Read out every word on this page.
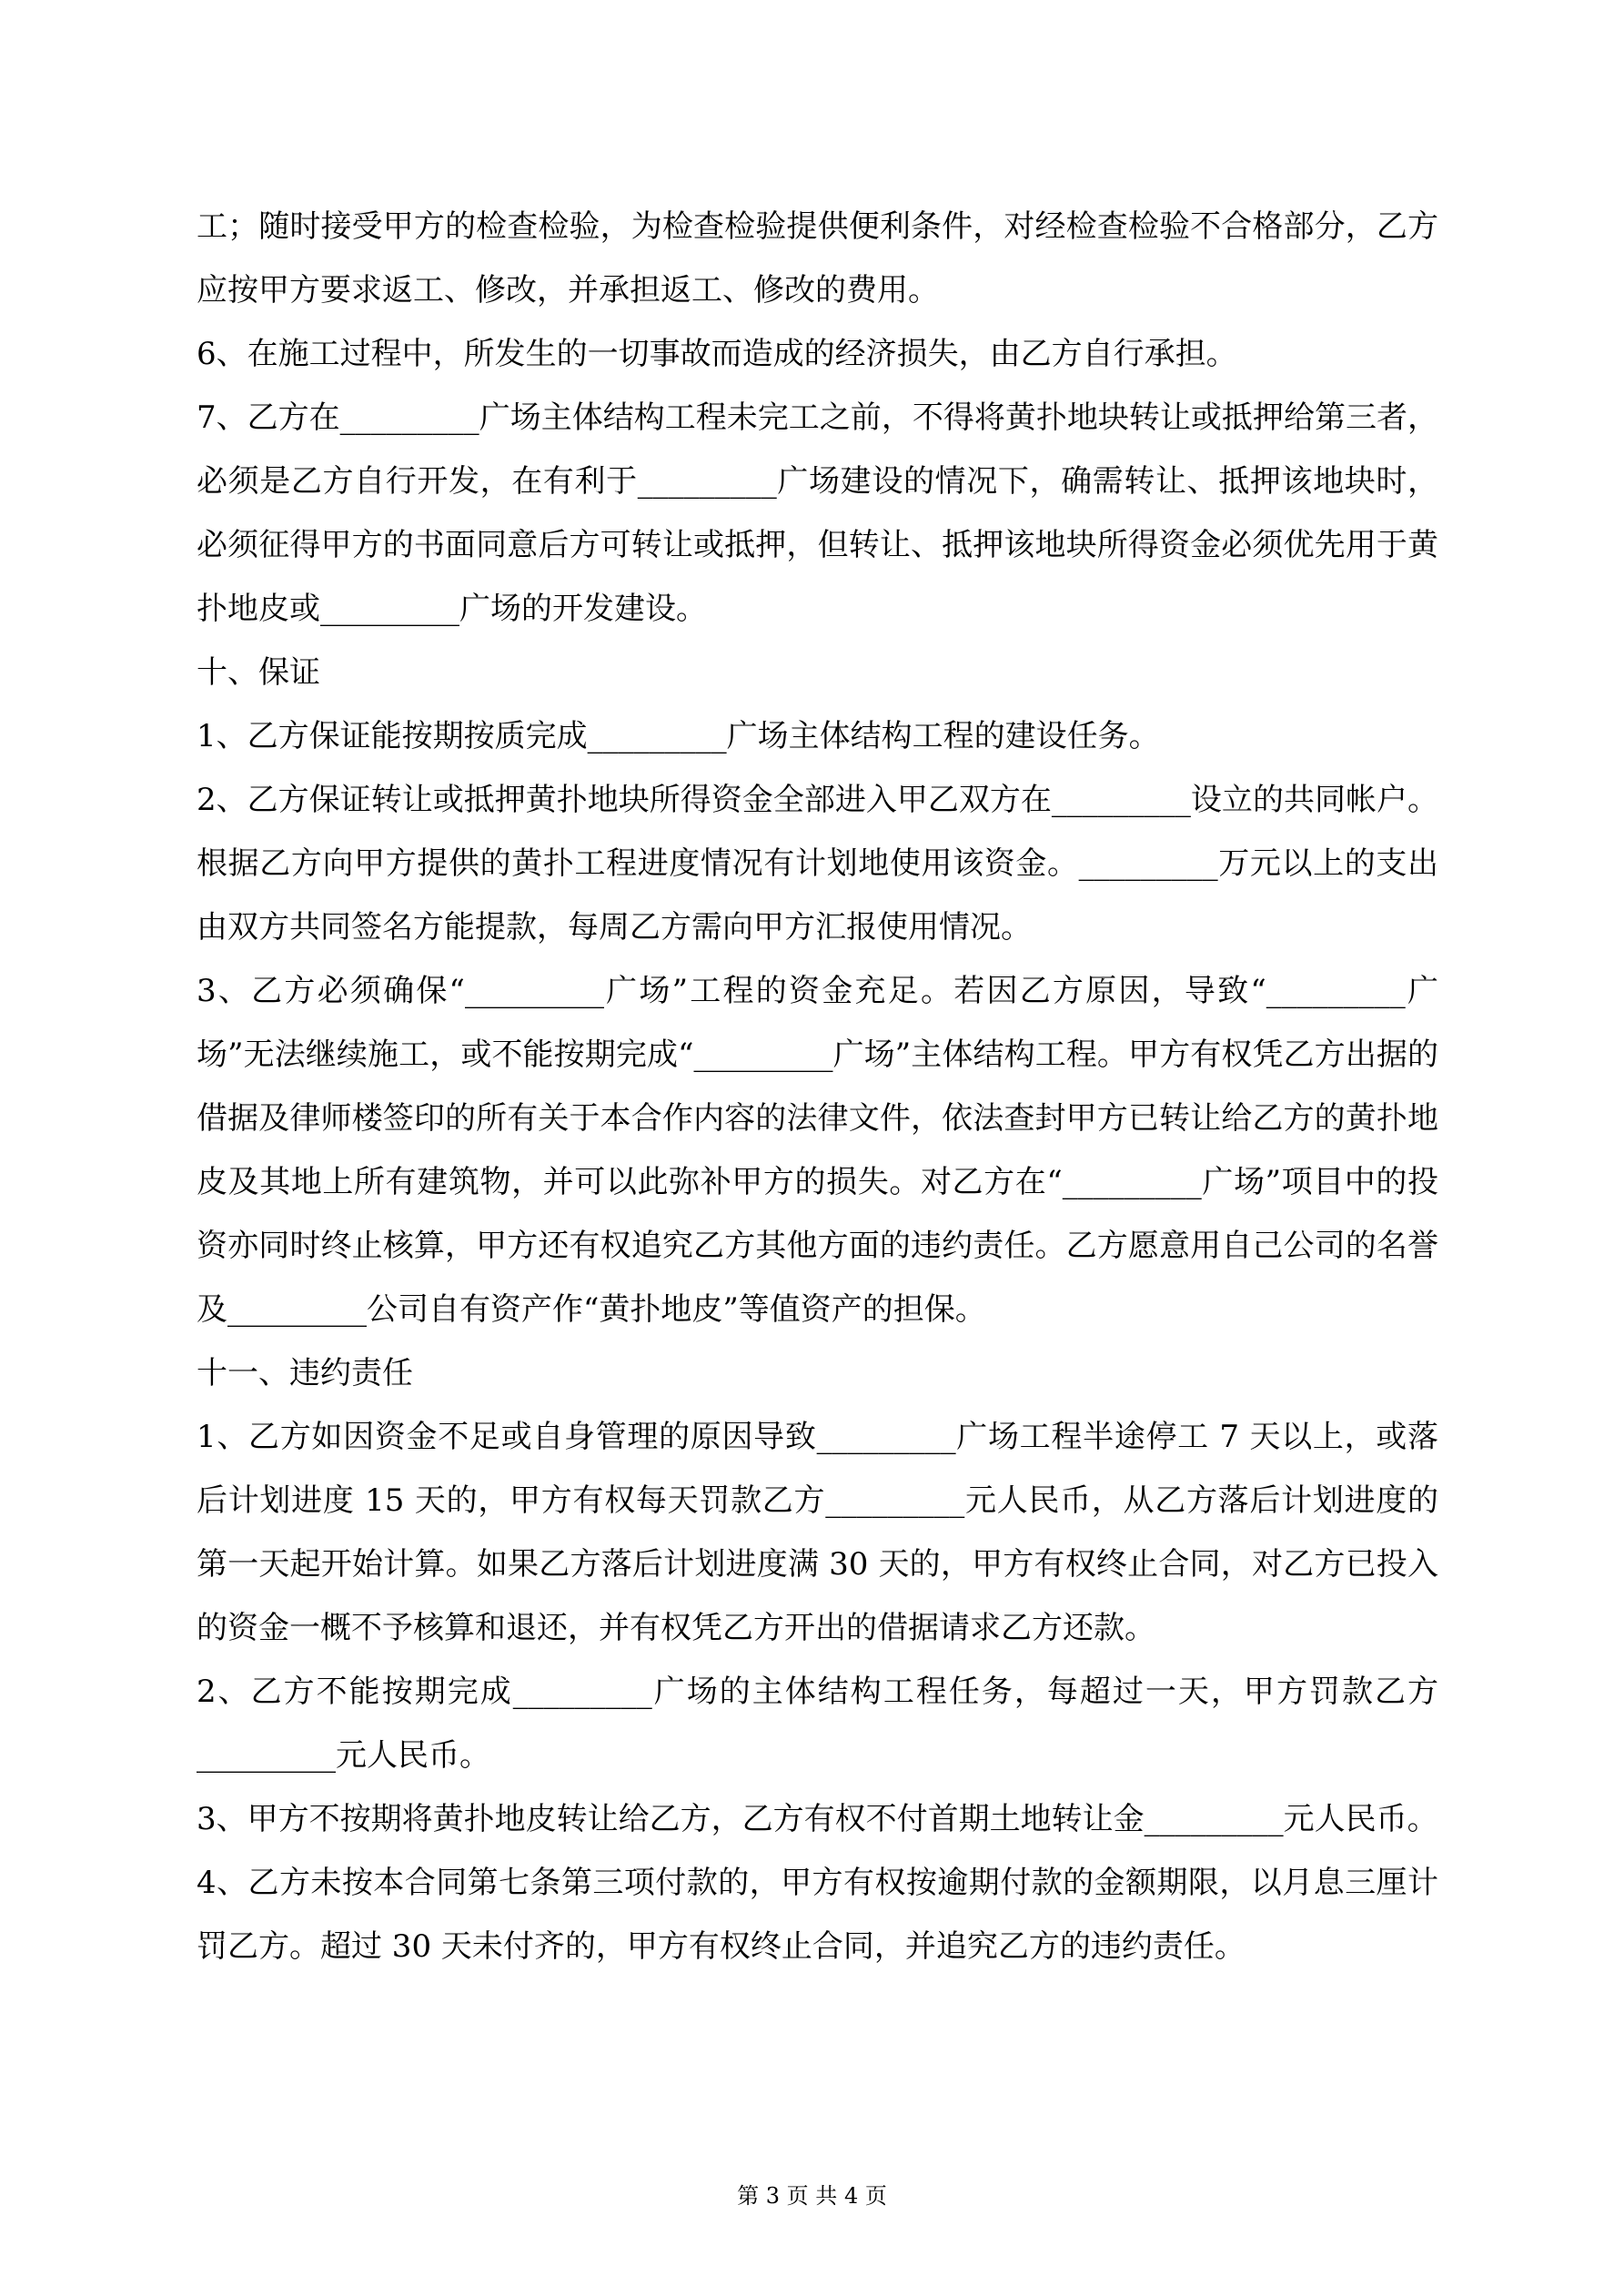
工；随时接受甲方的检查检验，为检查检验提供便利条件，对经检查检验不合格部分，乙方应按甲方要求返工、修改，并承担返工、修改的费用。

6、在施工过程中，所发生的一切事故而造成的经济损失，由乙方自行承担。

7、乙方在_________广场主体结构工程未完工之前，不得将黄扑地块转让或抵押给第三者，必须是乙方自行开发，在有利于_________广场建设的情况下，确需转让、抵押该地块时，必须征得甲方的书面同意后方可转让或抵押，但转让、抵押该地块所得资金必须优先用于黄扑地皮或_________广场的开发建设。

十、保证

1、乙方保证能按期按质完成_________广场主体结构工程的建设任务。

2、乙方保证转让或抵押黄扑地块所得资金全部进入甲乙双方在_________设立的共同帐户。根据乙方向甲方提供的黄扑工程进度情况有计划地使用该资金。_________万元以上的支出由双方共同签名方能提款，每周乙方需向甲方汇报使用情况。

3、乙方必须确保“_________广场”工程的资金充足。若因乙方原因，导致“_________广场”无法继续施工，或不能按期完成“_________广场”主体结构工程。甲方有权凭乙方出据的借据及律师楼签印的所有关于本合作内容的法律文件，依法查封甲方已转让给乙方的黄扑地皮及其地上所有建筑物，并可以此弥补甲方的损失。对乙方在“_________广场”项目中的投资亦同时终止核算，甲方还有权追究乙方其他方面的违约责任。乙方愿意用自己公司的名誉及_________公司自有资产作“黄扑地皮”等值资产的担保。

十一、违约责任

1、乙方如因资金不足或自身管理的原因导致_________广场工程半途停工 7 天以上，或落后计划进度 15 天的，甲方有权每天罚款乙方_________元人民币，从乙方落后计划进度的第一天起开始计算。如果乙方落后计划进度满 30 天的，甲方有权终止合同，对乙方已投入的资金一概不予核算和退还，并有权凭乙方开出的借据请求乙方还款。

2、乙方不能按期完成_________广场的主体结构工程任务，每超过一天，甲方罚款乙方_________元人民币。

3、甲方不按期将黄扑地皮转让给乙方，乙方有权不付首期土地转让金_________元人民币。

4、乙方未按本合同第七条第三项付款的，甲方有权按逾期付款的金额期限，以月息三厘计罚乙方。超过 30 天未付齐的，甲方有权终止合同，并追究乙方的违约责任。

第 3 页 共 4 页
